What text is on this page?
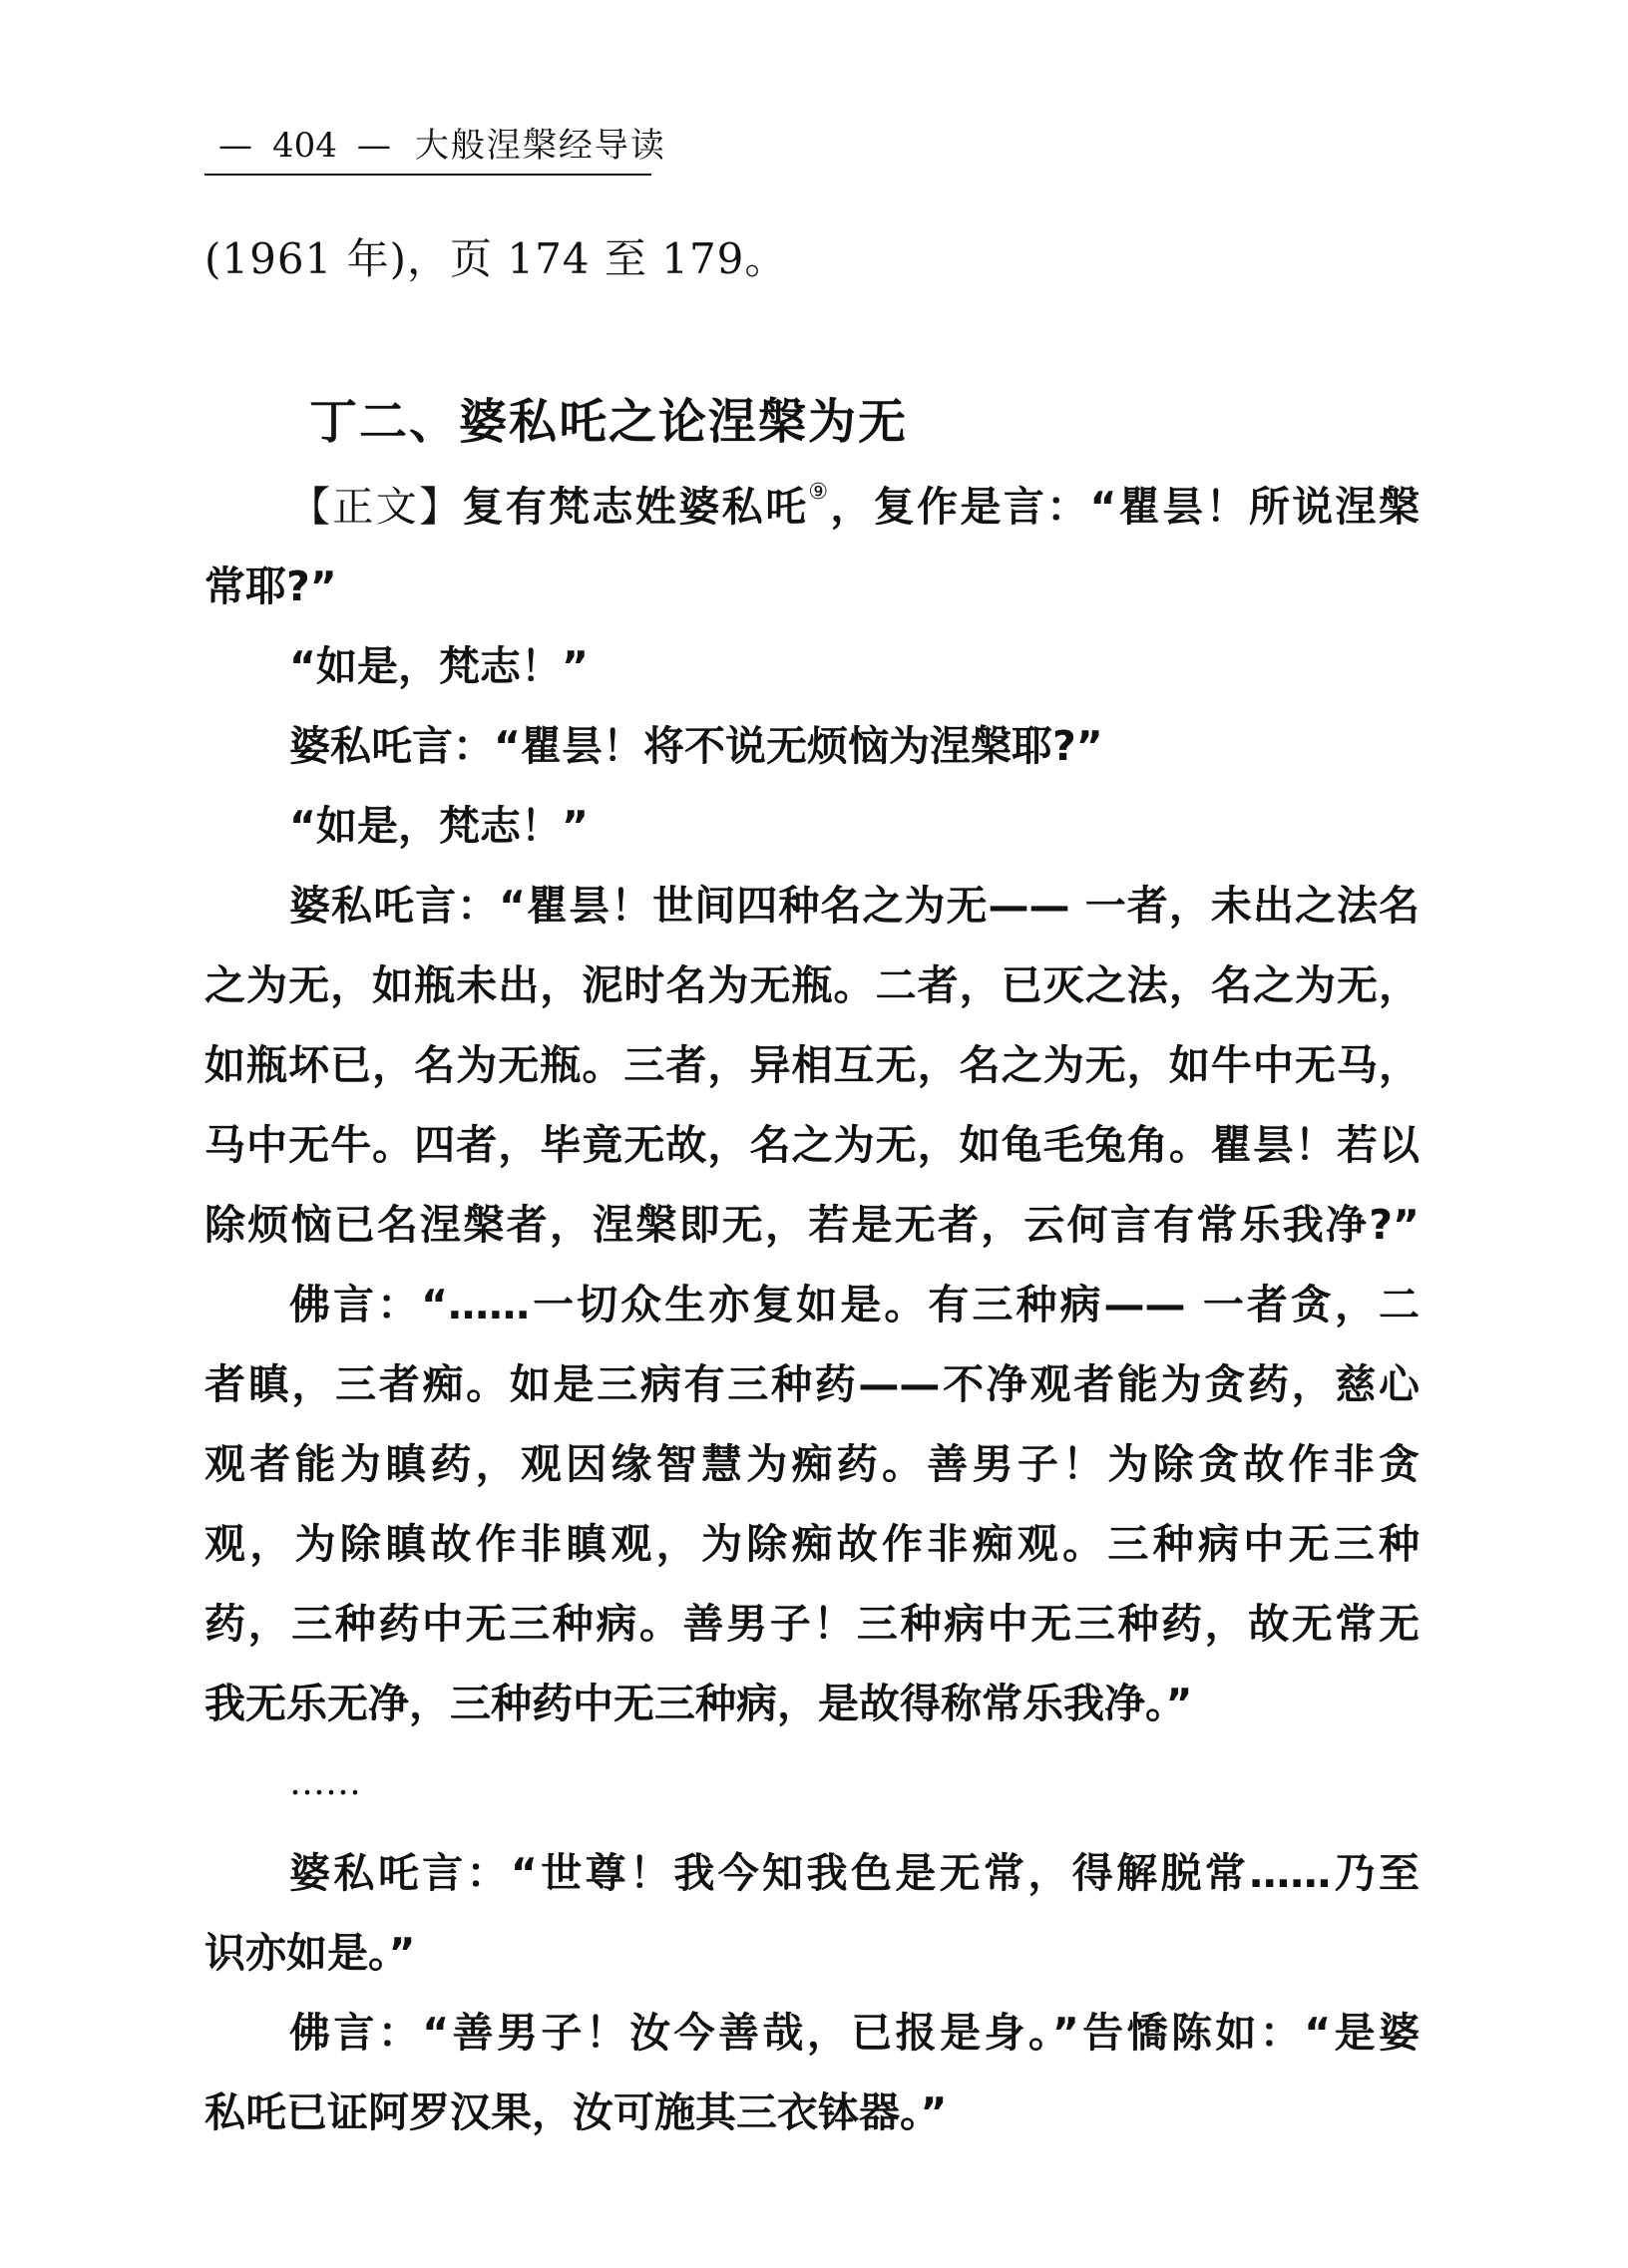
— 404 — 大般涅槃经导读
(1961 年)，页 174 至 179。
丁二、婆私吒之论涅槃为无
【正文】复有梵志姓婆私吒⑨，复作是言：“瞿昙！所说涅槃
常耶?”
“如是，梵志！”
婆私吒言：“瞿昙！将不说无烦恼为涅槃耶?”
“如是，梵志！”
婆私吒言：“瞿昙！世间四种名之为无—— 一者，未出之法名
之为无，如瓶未出，泥时名为无瓶。二者，已灭之法，名之为无，
如瓶坏已，名为无瓶。三者，异相互无，名之为无，如牛中无马，
马中无牛。四者，毕竟无故，名之为无，如龟毛兔角。瞿昙！若以
除烦恼已名涅槃者，涅槃即无，若是无者，云何言有常乐我净?”
佛言：“……一切众生亦复如是。有三种病—— 一者贪，二
者瞋，三者痴。如是三病有三种药——不净观者能为贪药，慈心
观者能为瞋药，观因缘智慧为痴药。善男子！为除贪故作非贪
观，为除瞋故作非瞋观，为除痴故作非痴观。三种病中无三种
药，三种药中无三种病。善男子！三种病中无三种药，故无常无
我无乐无净，三种药中无三种病，是故得称常乐我净。”
……
婆私吒言：“世尊！我今知我色是无常，得解脱常……乃至
识亦如是。”
佛言：“善男子！汝今善哉，已报是身。”告憍陈如：“是婆
私吒已证阿罗汉果，汝可施其三衣钵器。”
